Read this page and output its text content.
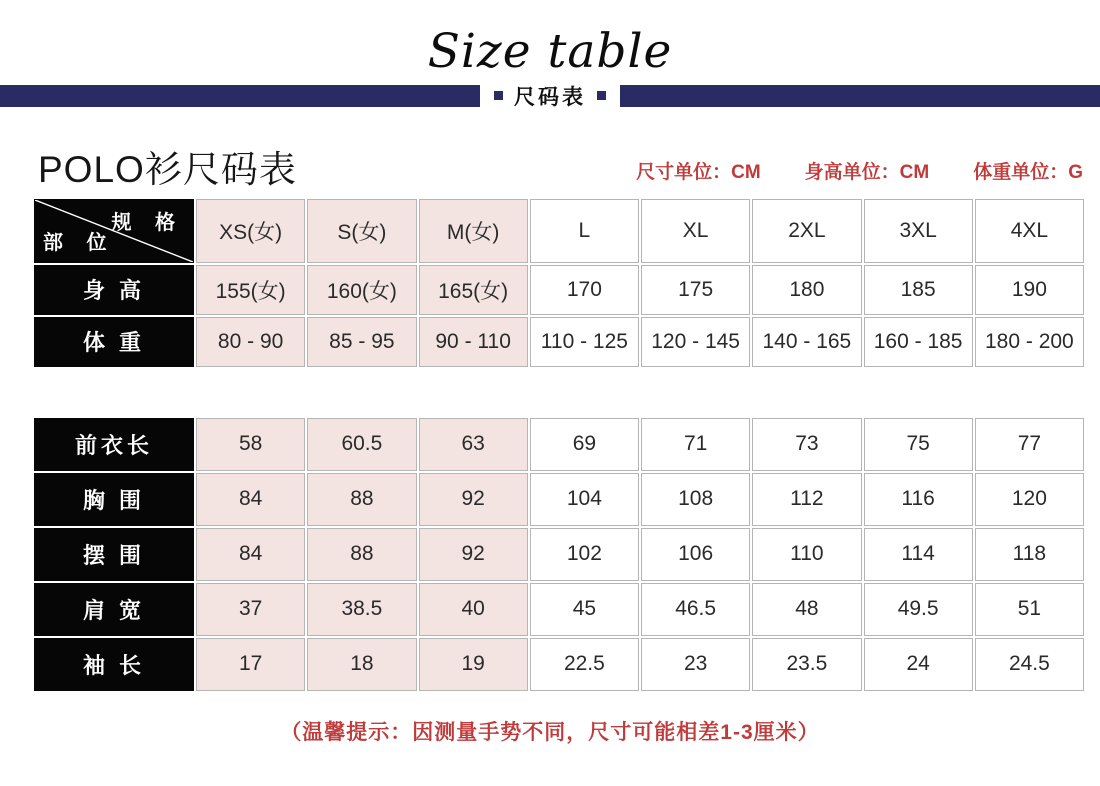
Size table
尺码表
POLO衫尺码表	尺寸单位：CM 身高单位：CM 体重单位：G
规 格
部 位	XS(女)	S(女)	M(女)	L	XL	2XL	3XL	4XL
身 高	155(女)	160(女)	165(女)	170	175	180	185	190
体 重	80 - 90	85 - 95	90 - 110	110 - 125	120 - 145	140 - 165	160 - 185	180 - 200
前衣长	58	60.5	63	69	71	73	75	77
胸 围	84	88	92	104	108	112	116	120
摆 围	84	88	92	102	106	110	114	118
肩 宽	37	38.5	40	45	46.5	48	49.5	51
袖 长	17	18	19	22.5	23	23.5	24	24.5
（温馨提示：因测量手势不同，尺寸可能相差1-3厘米）
